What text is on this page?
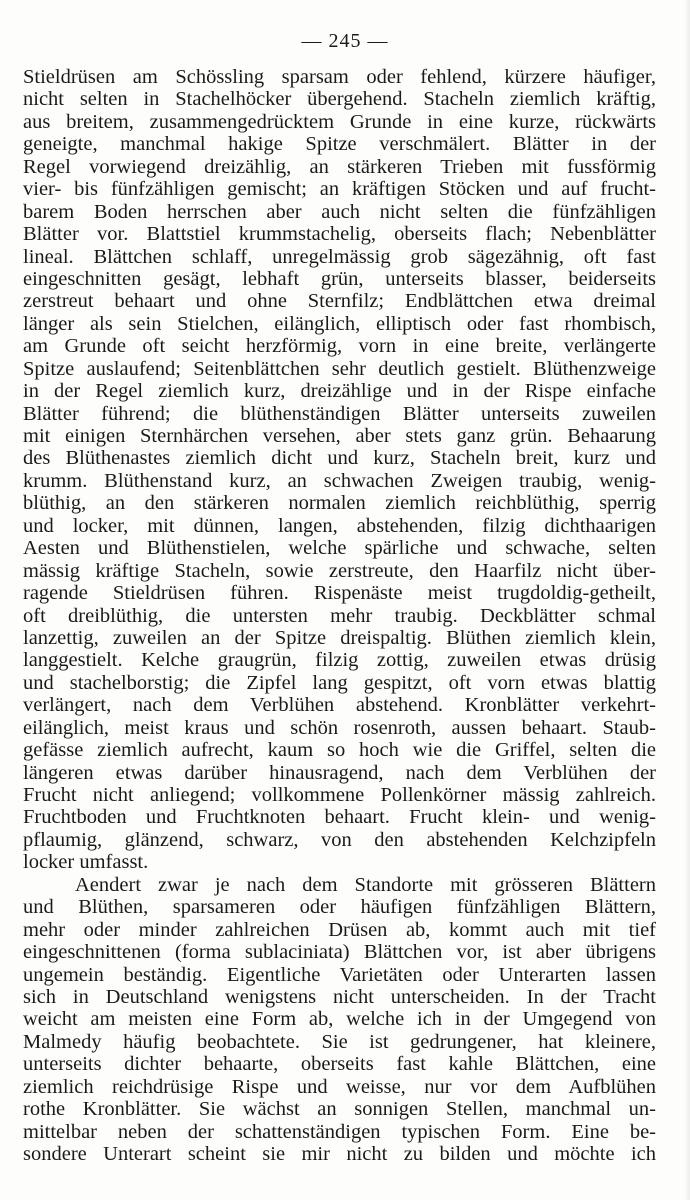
— 245 —
Stieldrüsen am Schössling sparsam oder fehlend, kürzere häufiger,
nicht selten in Stachelhöcker übergehend. Stacheln ziemlich kräftig,
aus breitem, zusammengedrücktem Grunde in eine kurze, rückwärts
geneigte, manchmal hakige Spitze verschmälert. Blätter in der
Regel vorwiegend dreizählig, an stärkeren Trieben mit fussförmig
vier- bis fünfzähligen gemischt; an kräftigen Stöcken und auf frucht-
barem Boden herrschen aber auch nicht selten die fünfzähligen
Blätter vor. Blattstiel krummstachelig, oberseits flach; Nebenblätter
lineal. Blättchen schlaff, unregelmässig grob sägezähnig, oft fast
eingeschnitten gesägt, lebhaft grün, unterseits blasser, beiderseits
zerstreut behaart und ohne Sternfilz; Endblättchen etwa dreimal
länger als sein Stielchen, eilänglich, elliptisch oder fast rhombisch,
am Grunde oft seicht herzförmig, vorn in eine breite, verlängerte
Spitze auslaufend; Seitenblättchen sehr deutlich gestielt. Blüthenzweige
in der Regel ziemlich kurz, dreizählige und in der Rispe einfache
Blätter führend; die blüthenständigen Blätter unterseits zuweilen
mit einigen Sternhärchen versehen, aber stets ganz grün. Behaarung
des Blüthenastes ziemlich dicht und kurz, Stacheln breit, kurz und
krumm. Blüthenstand kurz, an schwachen Zweigen traubig, wenig-
blüthig, an den stärkeren normalen ziemlich reichblüthig, sperrig
und locker, mit dünnen, langen, abstehenden, filzig dichthaarigen
Aesten und Blüthenstielen, welche spärliche und schwache, selten
mässig kräftige Stacheln, sowie zerstreute, den Haarfilz nicht über-
ragende Stieldrüsen führen. Rispenäste meist trugdoldig-getheilt,
oft dreiblüthig, die untersten mehr traubig. Deckblätter schmal
lanzettig, zuweilen an der Spitze dreispaltig. Blüthen ziemlich klein,
langgestielt. Kelche graugrün, filzig zottig, zuweilen etwas drüsig
und stachelborstig; die Zipfel lang gespitzt, oft vorn etwas blattig
verlängert, nach dem Verblühen abstehend. Kronblätter verkehrt-
eilänglich, meist kraus und schön rosenroth, aussen behaart. Staub-
gefässe ziemlich aufrecht, kaum so hoch wie die Griffel, selten die
längeren etwas darüber hinausragend, nach dem Verblühen der
Frucht nicht anliegend; vollkommene Pollenkörner mässig zahlreich.
Fruchtboden und Fruchtknoten behaart. Frucht klein- und wenig-
pflaumig, glänzend, schwarz, von den abstehenden Kelchzipfeln
locker umfasst.
Aendert zwar je nach dem Standorte mit grösseren Blättern
und Blüthen, sparsameren oder häufigen fünfzähligen Blättern,
mehr oder minder zahlreichen Drüsen ab, kommt auch mit tief
eingeschnittenen (forma sublaciniata) Blättchen vor, ist aber übrigens
ungemein beständig. Eigentliche Varietäten oder Unterarten lassen
sich in Deutschland wenigstens nicht unterscheiden. In der Tracht
weicht am meisten eine Form ab, welche ich in der Umgegend von
Malmedy häufig beobachtete. Sie ist gedrungener, hat kleinere,
unterseits dichter behaarte, oberseits fast kahle Blättchen, eine
ziemlich reichdrüsige Rispe und weisse, nur vor dem Aufblühen
rothe Kronblätter. Sie wächst an sonnigen Stellen, manchmal un-
mittelbar neben der schattenständigen typischen Form. Eine be-
sondere Unterart scheint sie mir nicht zu bilden und möchte ich
